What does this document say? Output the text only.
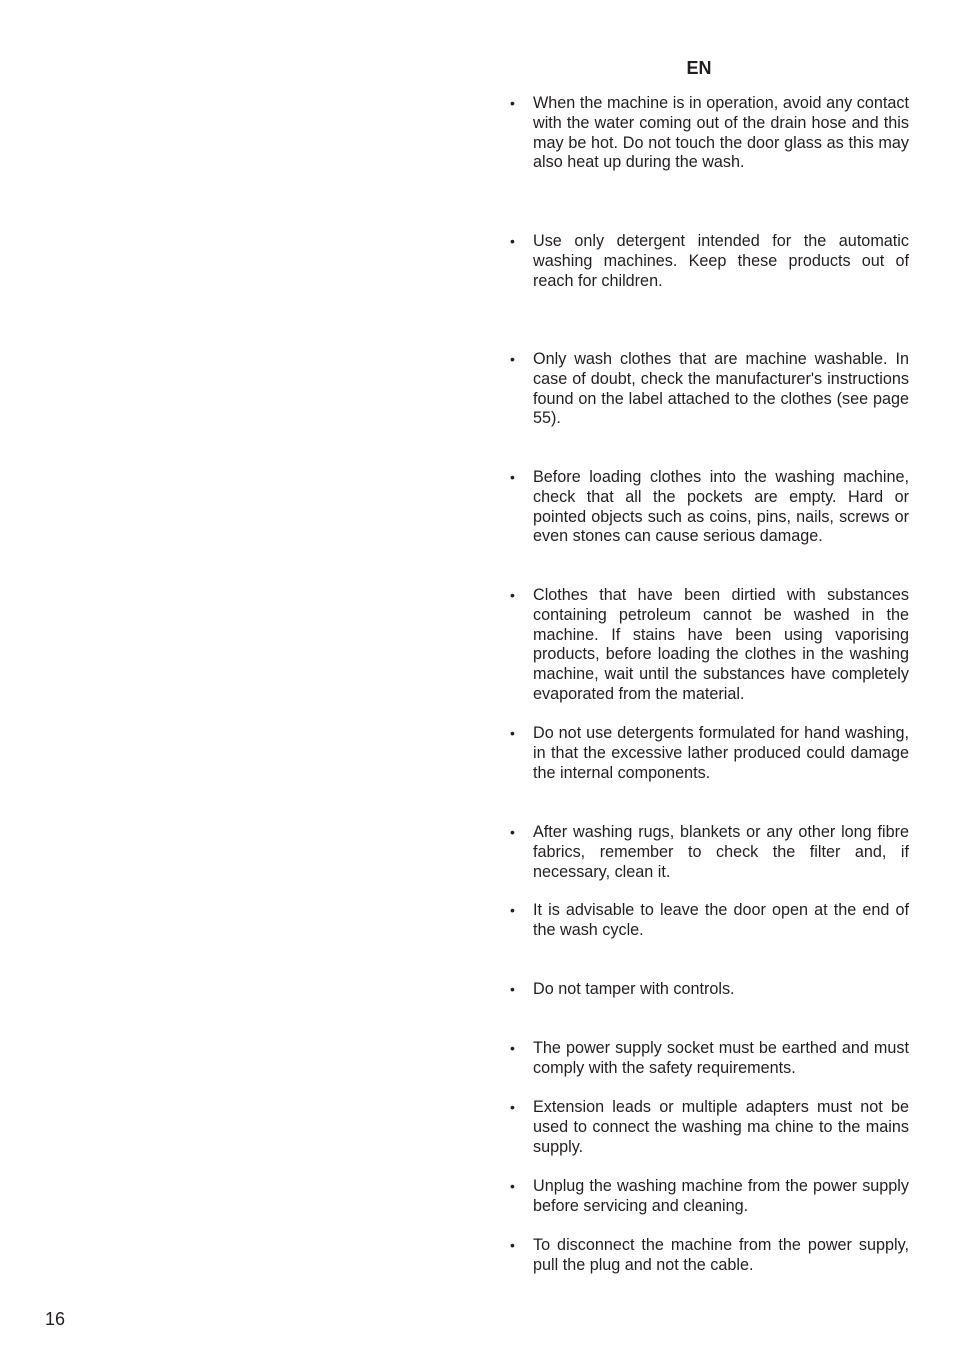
EN
•	When the machine is in operation, avoid any contact with the water coming out of the drain hose and this may be hot. Do not touch the door glass as this may also heat up during the wash.
•	Use only detergent intended for the automatic washing machines. Keep these products out of reach for children.
•	Only wash clothes that are machine washable. In case of doubt, check the manufacturer's instructions found on the label attached to the clothes (see page 55).
•	Before loading clothes into the washing machine, check that all the pockets are empty. Hard or pointed objects such as coins, pins, nails, screws or even stones can cause serious damage.
•	Clothes that have been dirtied with substances containing petroleum cannot be washed in the machine. If stains have been using vaporising products, before loading the clothes in the washing machine, wait until the substances have completely evaporated from the material.
•	Do not use detergents formulated for hand washing, in that the excessive lather produced could damage the internal components.
•	After washing rugs, blankets or any other long fibre fabrics, remember to check the filter and, if necessary, clean it.
•	It is advisable to leave the door open at the end of the wash cycle.
•	Do not tamper with controls.
•	The power supply socket must be earthed and must comply with the safety requirements.
•	Extension leads or multiple adapters must not be used to connect the washing ma chine to the mains supply.
•	Unplug the washing machine from the power supply before servicing and cleaning.
•	To disconnect the machine from the power supply, pull the plug and not the cable.
16
